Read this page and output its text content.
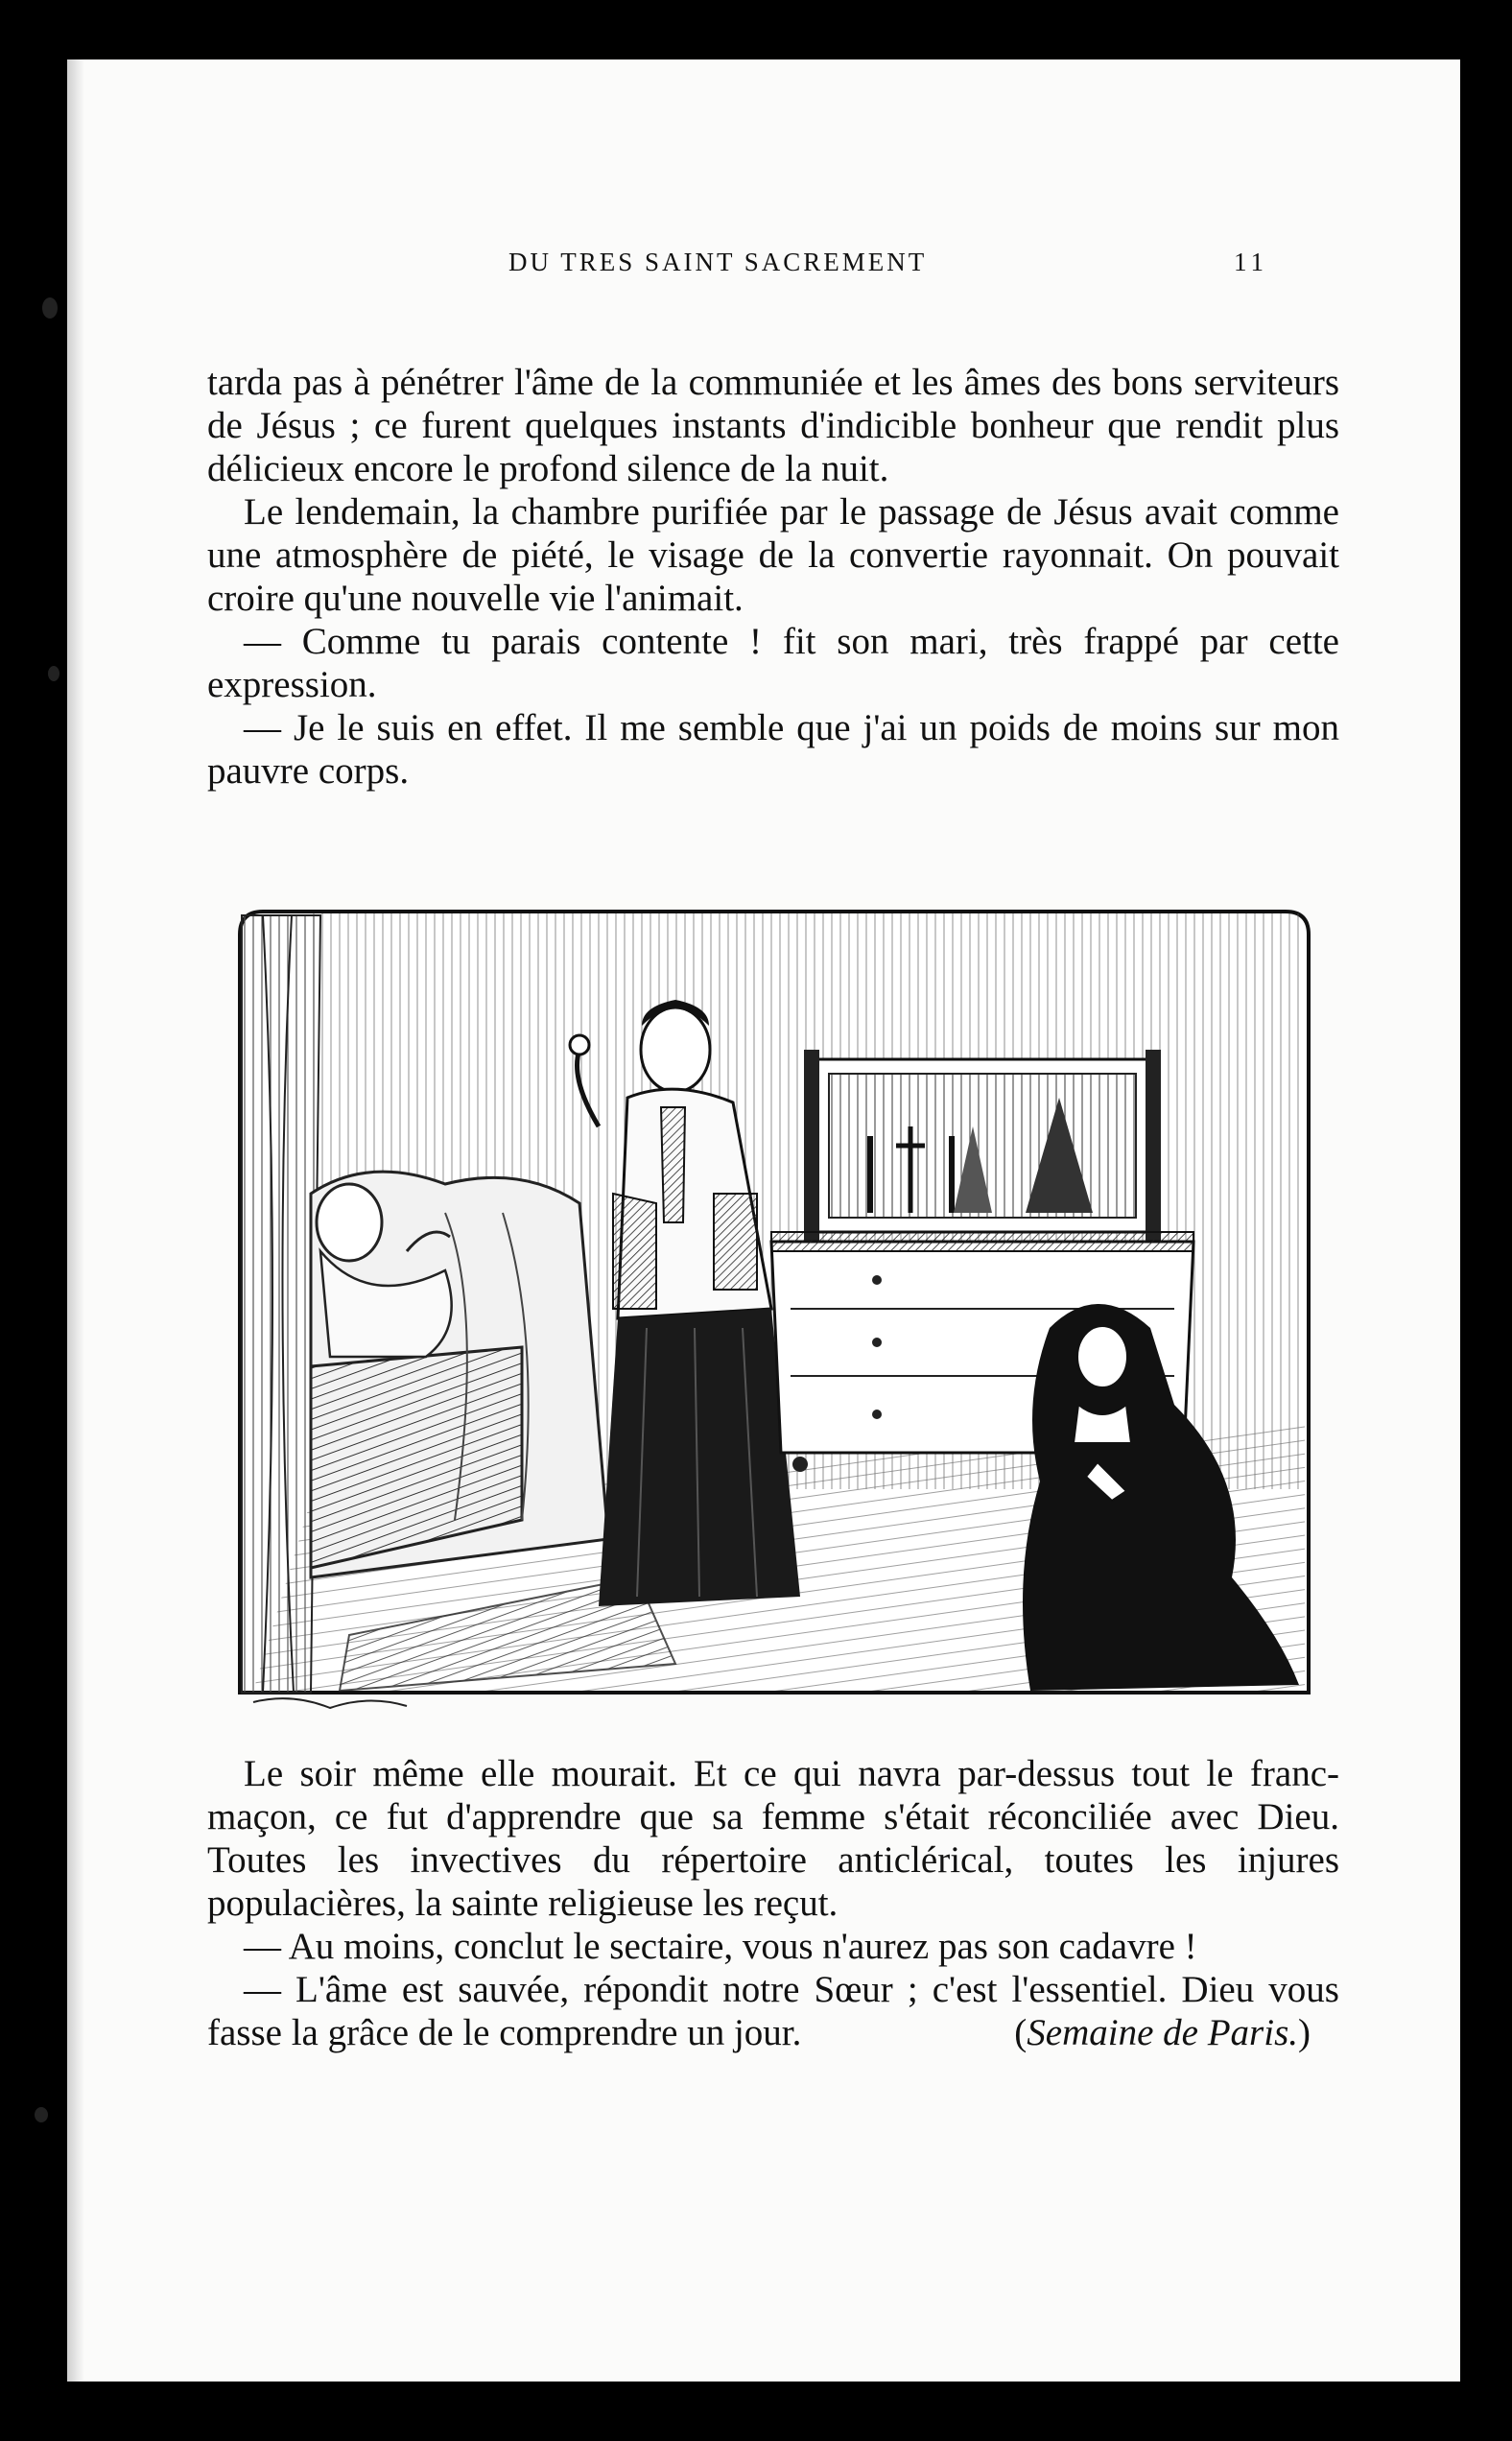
DU TRES SAINT SACREMENT	11

tarda pas à pénétrer l'âme de la communiée et les âmes des bons serviteurs de Jésus ; ce furent quelques instants d'indicible bonheur que rendit plus délicieux encore le profond silence de la nuit.

Le lendemain, la chambre purifiée par le passage de Jésus avait comme une atmosphère de piété, le visage de la convertie rayonnait. On pouvait croire qu'une nouvelle vie l'animait.

— Comme tu parais contente ! fit son mari, très frappé par cette expression.

— Je le suis en effet. Il me semble que j'ai un poids de moins sur mon pauvre corps.

Le soir même elle mourait. Et ce qui navra par-dessus tout le franc-maçon, ce fut d'apprendre que sa femme s'était réconciliée avec Dieu. Toutes les invectives du répertoire anticlérical, toutes les injures populacières, la sainte religieuse les reçut.

— Au moins, conclut le sectaire, vous n'aurez pas son cadavre !

— L'âme est sauvée, répondit notre Sœur ; c'est l'essentiel. Dieu vous fasse la grâce de le comprendre un jour.	(Semaine de Paris.)
